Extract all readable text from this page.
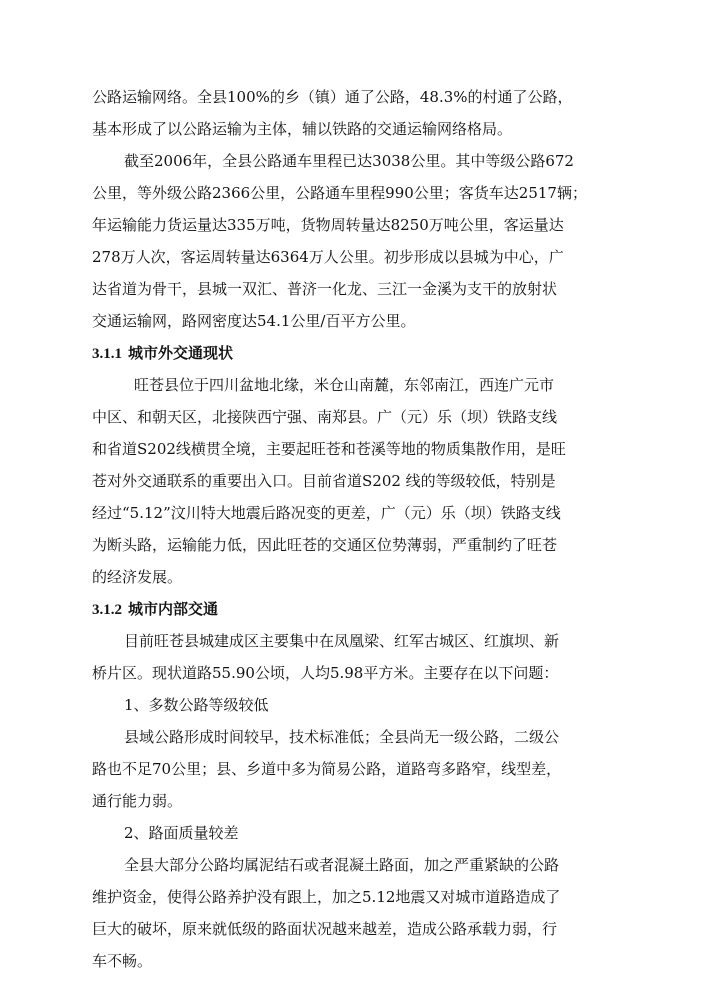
公路运输网络。全县100%的乡（镇）通了公路，48.3%的村通了公路，
基本形成了以公路运输为主体，辅以铁路的交通运输网络格局。
截至2006年，全县公路通车里程已达3038公里。其中等级公路672
公里，等外级公路2366公里，公路通车里程990公里；客货车达2517辆；
年运输能力货运量达335万吨，货物周转量达8250万吨公里，客运量达
278万人次，客运周转量达6364万人公里。初步形成以县城为中心，广
达省道为骨干，县城一双汇、普济一化龙、三江一金溪为支干的放射状
交通运输网，路网密度达54.1公里/百平方公里。
3.1.1 城市外交通现状
旺苍县位于四川盆地北缘，米仓山南麓，东邻南江，西连广元市
中区、和朝天区，北接陕西宁强、南郑县。广（元）乐（坝）铁路支线
和省道S202线横贯全境，主要起旺苍和苍溪等地的物质集散作用，是旺
苍对外交通联系的重要出入口。目前省道S202 线的等级较低，特别是
经过“5.12”汶川特大地震后路况变的更差，广（元）乐（坝）铁路支线
为断头路，运输能力低，因此旺苍的交通区位势薄弱，严重制约了旺苍
的经济发展。
3.1.2 城市内部交通
目前旺苍县城建成区主要集中在凤凰梁、红军古城区、红旗坝、新
桥片区。现状道路55.90公顷，人均5.98平方米。主要存在以下问题：
1、多数公路等级较低
县域公路形成时间较早，技术标准低；全县尚无一级公路，二级公
路也不足70公里；县、乡道中多为简易公路，道路弯多路窄，线型差，
通行能力弱。
2、路面质量较差
全县大部分公路均属泥结石或者混凝土路面，加之严重紧缺的公路
维护资金，使得公路养护没有跟上，加之5.12地震又对城市道路造成了
巨大的破坏，原来就低级的路面状况越来越差，造成公路承载力弱，行
车不畅。
